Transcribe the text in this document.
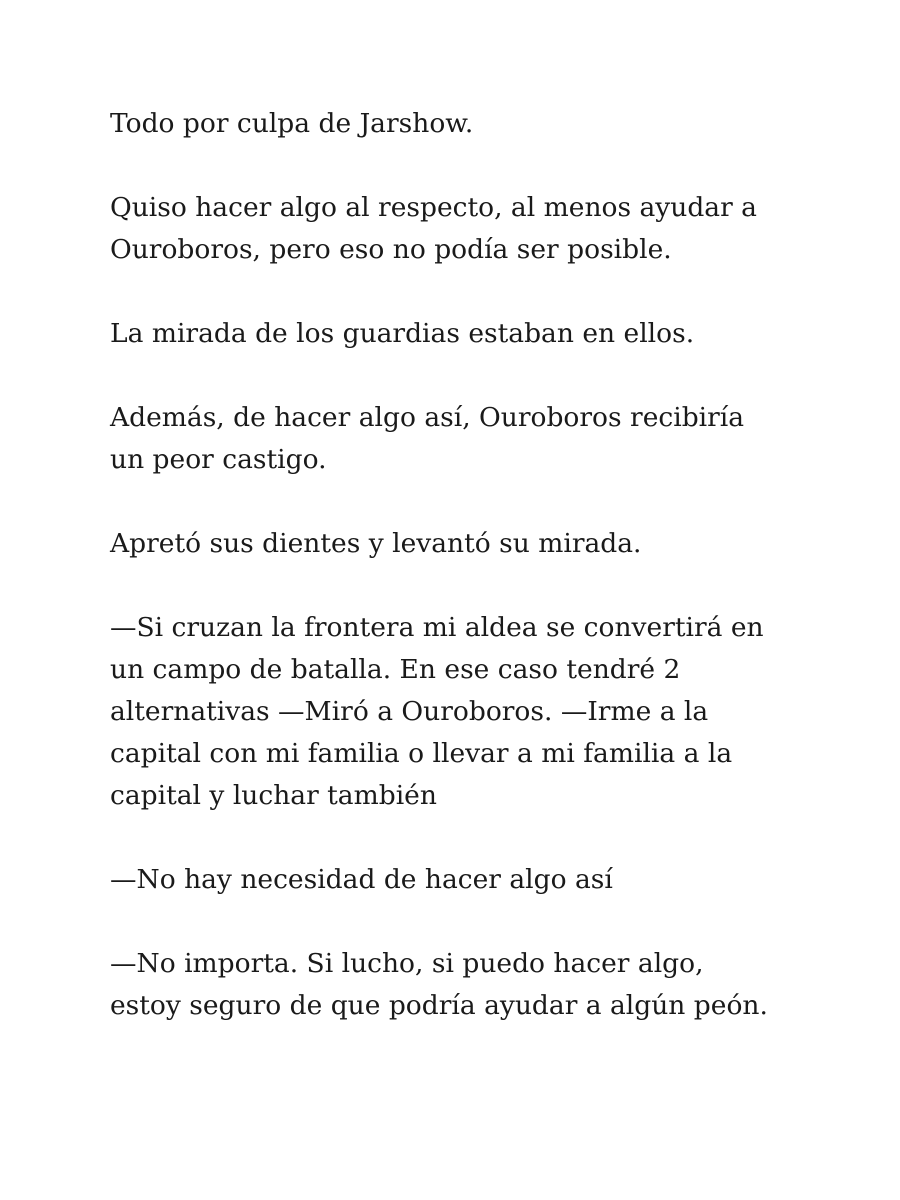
Todo por culpa de Jarshow.

Quiso hacer algo al respecto, al menos ayudar a
Ouroboros, pero eso no podía ser posible.

La mirada de los guardias estaban en ellos.

Además, de hacer algo así, Ouroboros recibiría
un peor castigo.

Apretó sus dientes y levantó su mirada.

—Si cruzan la frontera mi aldea se convertirá en
un campo de batalla. En ese caso tendré 2
alternativas —Miró a Ouroboros. —Irme a la
capital con mi familia o llevar a mi familia a la
capital y luchar también

—No hay necesidad de hacer algo así

—No importa. Si lucho, si puedo hacer algo,
estoy seguro de que podría ayudar a algún peón.
